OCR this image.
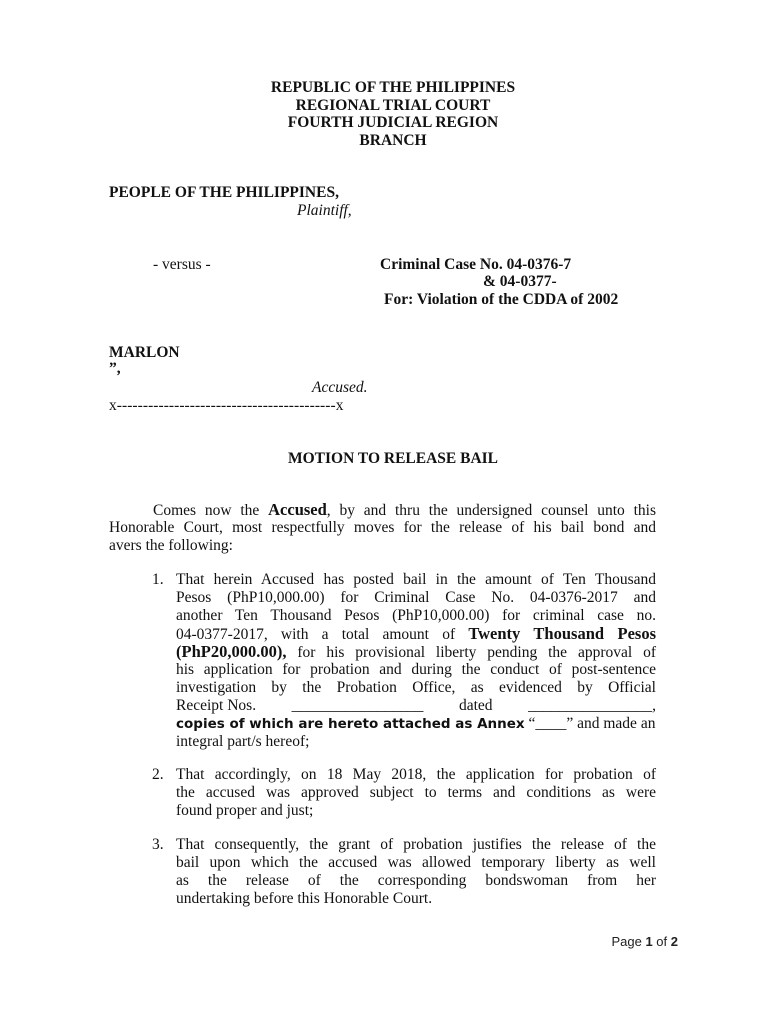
REPUBLIC OF THE PHILIPPINES
REGIONAL TRIAL COURT
FOURTH JUDICIAL REGION
BRANCH
PEOPLE OF THE PHILIPPINES,
Plaintiff,
- versus -	Criminal Case No. 04-0376-7
& 04-0377-
For: Violation of the CDDA of 2002
MARLON
”,
Accused.
x------------------------------------------x
MOTION TO RELEASE BAIL
Comes now the Accused, by and thru the undersigned counsel unto this
Honorable Court, most respectfully moves for the release of his bail bond and
avers the following:
1. That herein Accused has posted bail in the amount of Ten Thousand
Pesos (PhP10,000.00) for Criminal Case No. 04-0376-2017 and
another Ten Thousand Pesos (PhP10,000.00) for criminal case no.
04-0377-2017, with a total amount of Twenty Thousand Pesos
(PhP20,000.00), for his provisional liberty pending the approval of
his application for probation and during the conduct of post-sentence
investigation by the Probation Office, as evidenced by Official
Receipt Nos. _________________ dated ________________,
copies of which are hereto attached as Annex “____” and made an
integral part/s hereof;
2. That accordingly, on 18 May 2018, the application for probation of
the accused was approved subject to terms and conditions as were
found proper and just;
3. That consequently, the grant of probation justifies the release of the
bail upon which the accused was allowed temporary liberty as well
as the release of the corresponding bondswoman from her
undertaking before this Honorable Court.
Page 1 of 2
